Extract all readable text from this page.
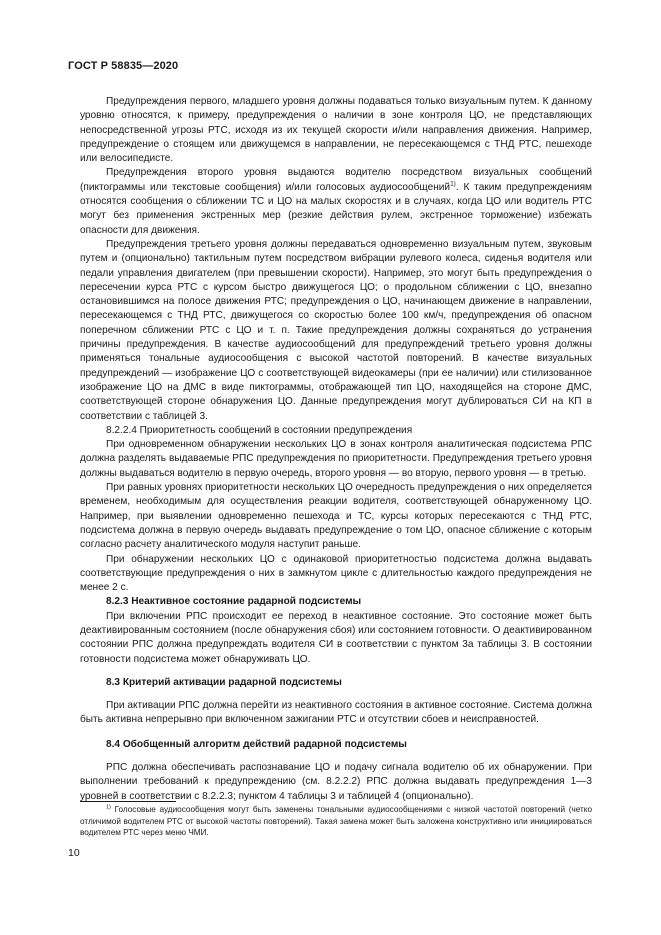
ГОСТ Р 58835—2020

Предупреждения первого, младшего уровня должны подаваться только визуальным путем. К данному уровню относятся, к примеру, предупреждения о наличии в зоне контроля ЦО, не представляющих непосредственной угрозы РТС, исходя из их текущей скорости и/или направления движения. Например, предупреждение о стоящем или движущемся в направлении, не пересекающемся с ТНД РТС, пешеходе или велосипедисте.

Предупреждения второго уровня выдаются водителю посредством визуальных сообщений (пиктограммы или текстовые сообщения) и/или голосовых аудиосообщений$^{1)}$. К таким предупреждениям относятся сообщения о сближении ТС и ЦО на малых скоростях и в случаях, когда ЦО или водитель РТС могут без применения экстренных мер (резкие действия рулем, экстренное торможение) избежать опасности для движения.

Предупреждения третьего уровня должны передаваться одновременно визуальным путем, звуковым путем и (опционально) тактильным путем посредством вибрации рулевого колеса, сиденья водителя или педали управления двигателем (при превышении скорости). Например, это могут быть предупреждения о пересечении курса РТС с курсом быстро движущегося ЦО; о продольном сближении с ЦО, внезапно остановившимся на полосе движения РТС; предупреждения о ЦО, начинающем движение в направлении, пересекающемся с ТНД РТС, движущегося со скоростью более 100 км/ч, предупреждения об опасном поперечном сближении РТС с ЦО и т. п. Такие предупреждения должны сохраняться до устранения причины предупреждения. В качестве аудиосообщений для предупреждений третьего уровня должны применяться тональные аудиосообщения с высокой частотой повторений. В качестве визуальных предупреждений — изображение ЦО с соответствующей видеокамеры (при ее наличии) или стилизованное изображение ЦО на ДМС в виде пиктограммы, отображающей тип ЦО, находящейся на стороне ДМС, соответствующей стороне обнаружения ЦО. Данные предупреждения могут дублироваться СИ на КП в соответствии с таблицей 3.

8.2.2.4 Приоритетность сообщений в состоянии предупреждения

При одновременном обнаружении нескольких ЦО в зонах контроля аналитическая подсистема РПС должна разделять выдаваемые РПС предупреждения по приоритетности. Предупреждения третьего уровня должны выдаваться водителю в первую очередь, второго уровня — во вторую, первого уровня — в третью.

При равных уровнях приоритетности нескольких ЦО очередность предупреждения о них определяется временем, необходимым для осуществления реакции водителя, соответствующей обнаруженному ЦО. Например, при выявлении одновременно пешехода и ТС, курсы которых пересекаются с ТНД РТС, подсистема должна в первую очередь выдавать предупреждение о том ЦО, опасное сближение с которым согласно расчету аналитического модуля наступит раньше.

При обнаружении нескольких ЦО с одинаковой приоритетностью подсистема должна выдавать соответствующие предупреждения о них в замкнутом цикле с длительностью каждого предупреждения не менее 2 с.

8.2.3 Неактивное состояние радарной подсистемы

При включении РПС происходит ее переход в неактивное состояние. Это состояние может быть деактивированным состоянием (после обнаружения сбоя) или состоянием готовности. О деактивированном состоянии РПС должна предупреждать водителя СИ в соответствии с пунктом 3а таблицы 3. В состоянии готовности подсистема может обнаруживать ЦО.

8.3 Критерий активации радарной подсистемы

При активации РПС должна перейти из неактивного состояния в активное состояние. Система должна быть активна непрерывно при включенном зажигании РТС и отсутствии сбоев и неисправностей.

8.4 Обобщенный алгоритм действий радарной подсистемы

РПС должна обеспечивать распознавание ЦО и подачу сигнала водителю об их обнаружении. При выполнении требований к предупреждению (см. 8.2.2.2) РПС должна выдавать предупреждения 1—3 уровней в соответствии с 8.2.2.3; пунктом 4 таблицы 3 и таблицей 4 (опционально).

$^{1)}$ Голосовые аудиосообщения могут быть заменены тональными аудиосообщениями с низкой частотой повторений (четко отличимой водителем РТС от высокой частоты повторений). Такая замена может быть заложена конструктивно или инициироваться водителем РТС через меню ЧМИ.

10
